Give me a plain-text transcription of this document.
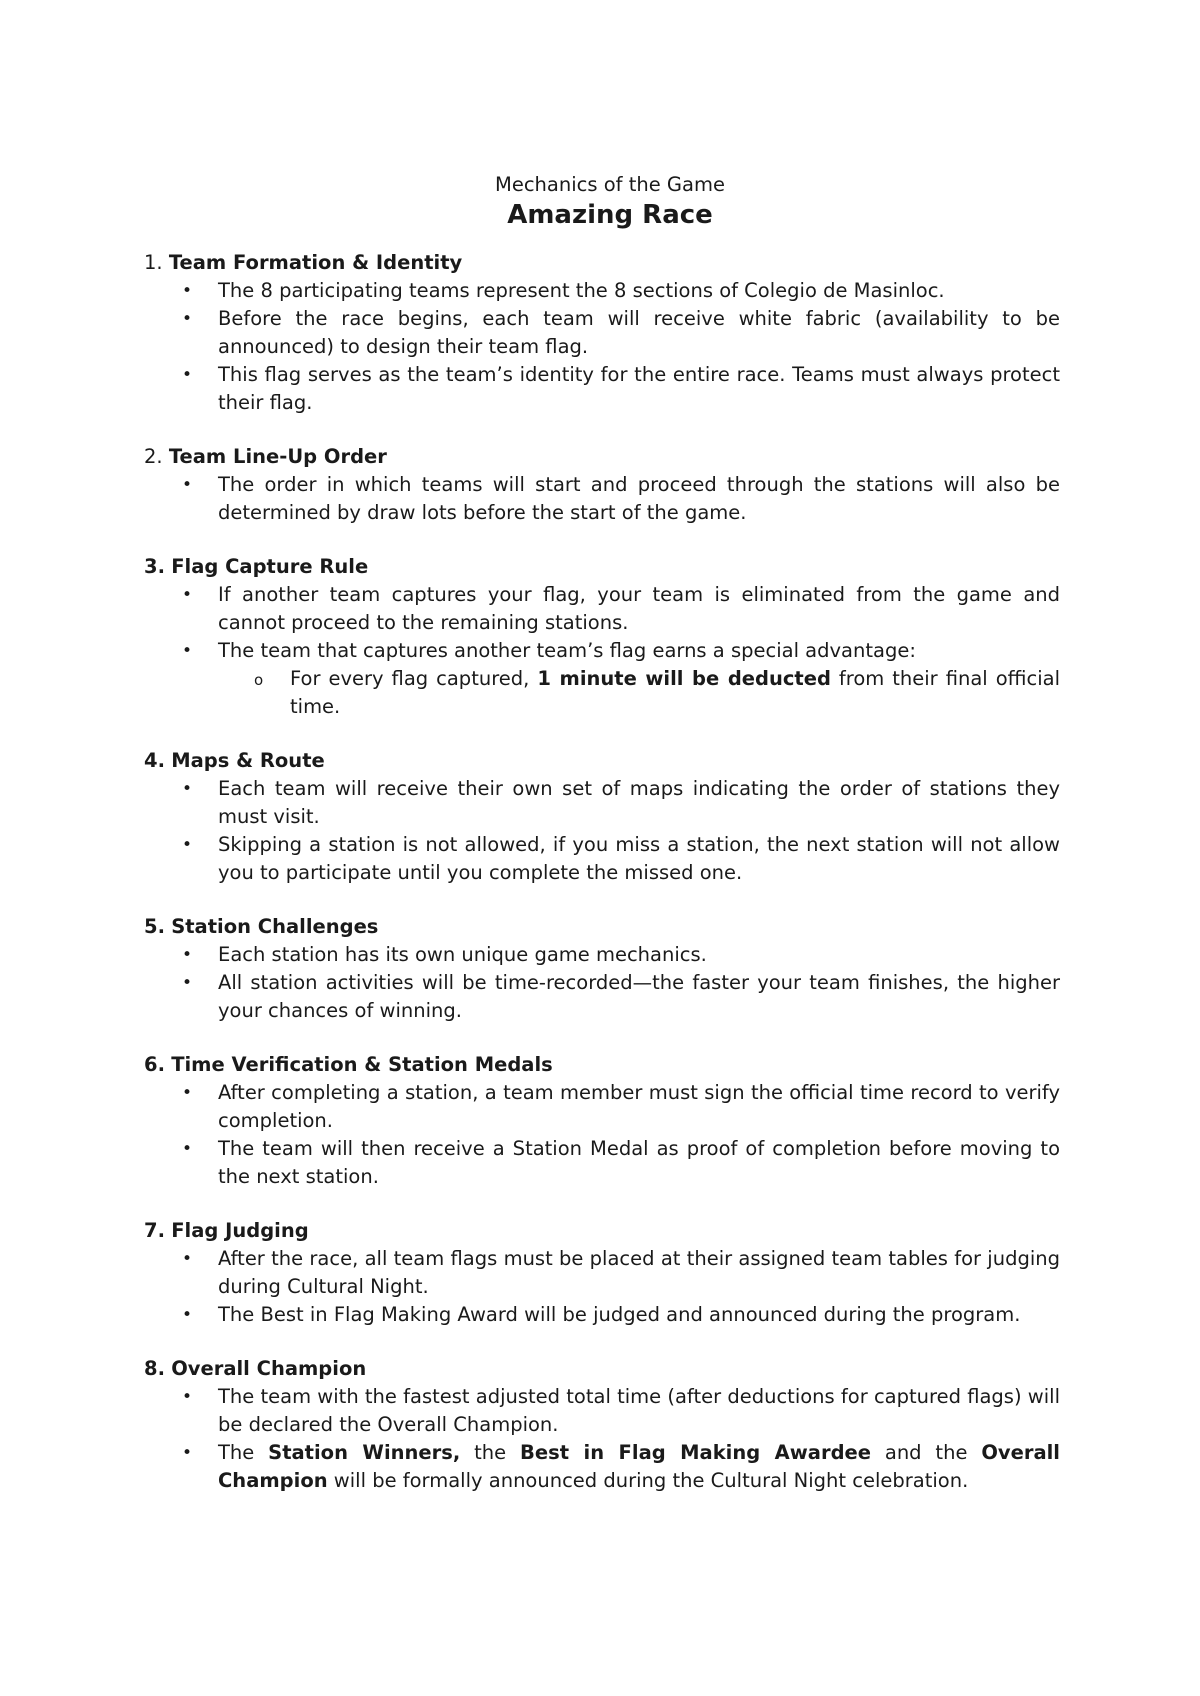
Mechanics of the Game

Amazing Race

1. Team Formation & Identity

• The 8 participating teams represent the 8 sections of Colegio de Masinloc.
• Before the race begins, each team will receive white fabric (availability to be announced) to design their team flag.
• This flag serves as the team’s identity for the entire race. Teams must always protect their flag.

2. Team Line-Up Order

• The order in which teams will start and proceed through the stations will also be determined by draw lots before the start of the game.

3. Flag Capture Rule

• If another team captures your flag, your team is eliminated from the game and cannot proceed to the remaining stations.
• The team that captures another team’s flag earns a special advantage:
o For every flag captured, 1 minute will be deducted from their final official time.

4. Maps & Route

• Each team will receive their own set of maps indicating the order of stations they must visit.
• Skipping a station is not allowed, if you miss a station, the next station will not allow you to participate until you complete the missed one.

5. Station Challenges

• Each station has its own unique game mechanics.
• All station activities will be time-recorded—the faster your team finishes, the higher your chances of winning.

6. Time Verification & Station Medals

• After completing a station, a team member must sign the official time record to verify completion.
• The team will then receive a Station Medal as proof of completion before moving to the next station.

7. Flag Judging

• After the race, all team flags must be placed at their assigned team tables for judging during Cultural Night.
• The Best in Flag Making Award will be judged and announced during the program.

8. Overall Champion

• The team with the fastest adjusted total time (after deductions for captured flags) will be declared the Overall Champion.
• The Station Winners, the Best in Flag Making Awardee and the Overall Champion will be formally announced during the Cultural Night celebration.
